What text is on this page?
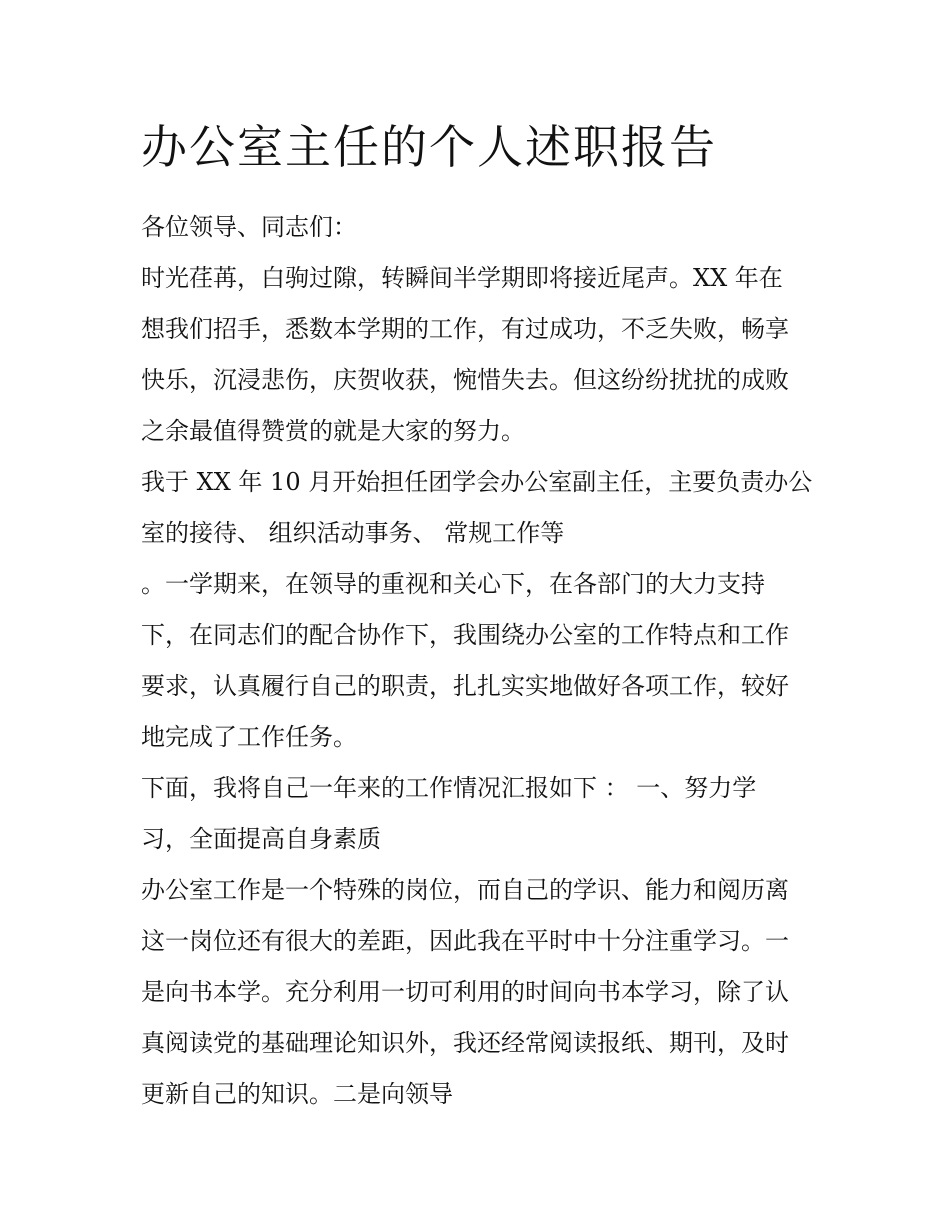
办公室主任的个人述职报告

各位领导、同志们：

时光荏苒，白驹过隙，转瞬间半学期即将接近尾声。XX 年在

想我们招手，悉数本学期的工作，有过成功，不乏失败，畅享

快乐，沉浸悲伤，庆贺收获，惋惜失去。但这纷纷扰扰的成败

之余最值得赞赏的就是大家的努力。

我于 XX 年 10 月开始担任团学会办公室副主任，主要负责办公

室的接待、 组织活动事务、 常规工作等

。一学期来，在领导的重视和关心下，在各部门的大力支持

下，在同志们的配合协作下，我围绕办公室的工作特点和工作

要求，认真履行自己的职责，扎扎实实地做好各项工作，较好

地完成了工作任务。

下面，我将自己一年来的工作情况汇报如下 ： 一、努力学

习，全面提高自身素质

办公室工作是一个特殊的岗位，而自己的学识、能力和阅历离

这一岗位还有很大的差距，因此我在平时中十分注重学习。一

是向书本学。充分利用一切可利用的时间向书本学习，除了认

真阅读党的基础理论知识外，我还经常阅读报纸、期刊，及时

更新自己的知识。二是向领导
